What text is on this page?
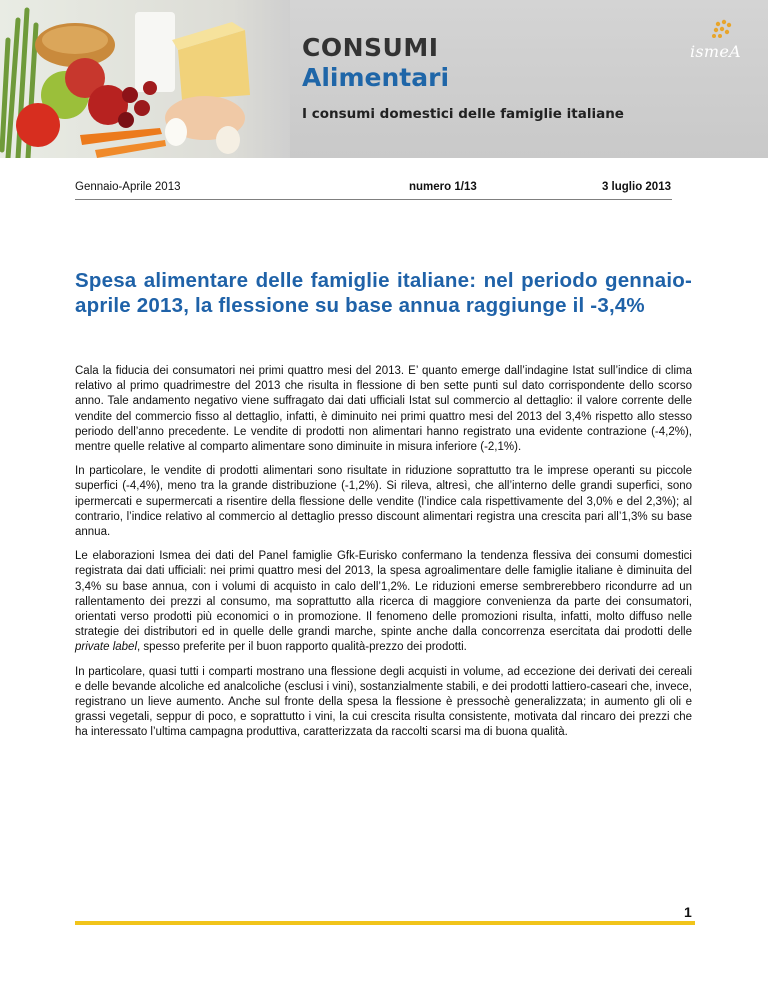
CONSUMI
Alimentari
I consumi domestici delle famiglie italiane
ismeA
Gennaio-Aprile 2013	numero 1/13	3 luglio 2013
Spesa alimentare delle famiglie italiane: nel periodo gennaio-aprile 2013, la flessione su base annua raggiunge il -3,4%

Cala la fiducia dei consumatori nei primi quattro mesi del 2013. E’ quanto emerge dall’indagine Istat sull’indice di clima relativo al primo quadrimestre del 2013 che risulta in flessione di ben sette punti sul dato corrispondente dello scorso anno. Tale andamento negativo viene suffragato dai dati ufficiali Istat sul commercio al dettaglio: il valore corrente delle vendite del commercio fisso al dettaglio, infatti, è diminuito nei primi quattro mesi del 2013 del 3,4% rispetto allo stesso periodo dell’anno precedente. Le vendite di prodotti non alimentari hanno registrato una evidente contrazione (-4,2%), mentre quelle relative al comparto alimentare sono diminuite in misura inferiore (-2,1%).

In particolare, le vendite di prodotti alimentari sono risultate in riduzione soprattutto tra le imprese operanti su piccole superfici (-4,4%), meno tra la grande distribuzione (-1,2%). Si rileva, altresì, che all’interno delle grandi superfici, sono ipermercati e supermercati a risentire della flessione delle vendite (l’indice cala rispettivamente del 3,0% e del 2,3%); al contrario, l’indice relativo al commercio al dettaglio presso discount alimentari registra una crescita pari all’1,3% su base annua.

Le elaborazioni Ismea dei dati del Panel famiglie Gfk-Eurisko confermano la tendenza flessiva dei consumi domestici registrata dai dati ufficiali: nei primi quattro mesi del 2013, la spesa agroalimentare delle famiglie italiane è diminuita del 3,4% su base annua, con i volumi di acquisto in calo dell’1,2%. Le riduzioni emerse sembrerebbero ricondurre ad un rallentamento dei prezzi al consumo, ma soprattutto alla ricerca di maggiore convenienza da parte dei consumatori, orientati verso prodotti più economici o in promozione. Il fenomeno delle promozioni risulta, infatti, molto diffuso nelle strategie dei distributori ed in quelle delle grandi marche, spinte anche dalla concorrenza esercitata dai prodotti delle private label, spesso preferite per il buon rapporto qualità-prezzo dei prodotti.

In particolare, quasi tutti i comparti mostrano una flessione degli acquisti in volume, ad eccezione dei derivati dei cereali e delle bevande alcoliche ed analcoliche (esclusi i vini), sostanzialmente stabili, e dei prodotti lattiero-caseari che, invece, registrano un lieve aumento. Anche sul fronte della spesa la flessione è pressochè generalizzata; in aumento gli oli e grassi vegetali, seppur di poco, e soprattutto i vini, la cui crescita risulta consistente, motivata dal rincaro dei prezzi che ha interessato l’ultima campagna produttiva, caratterizzata da raccolti scarsi ma di buona qualità.

1
